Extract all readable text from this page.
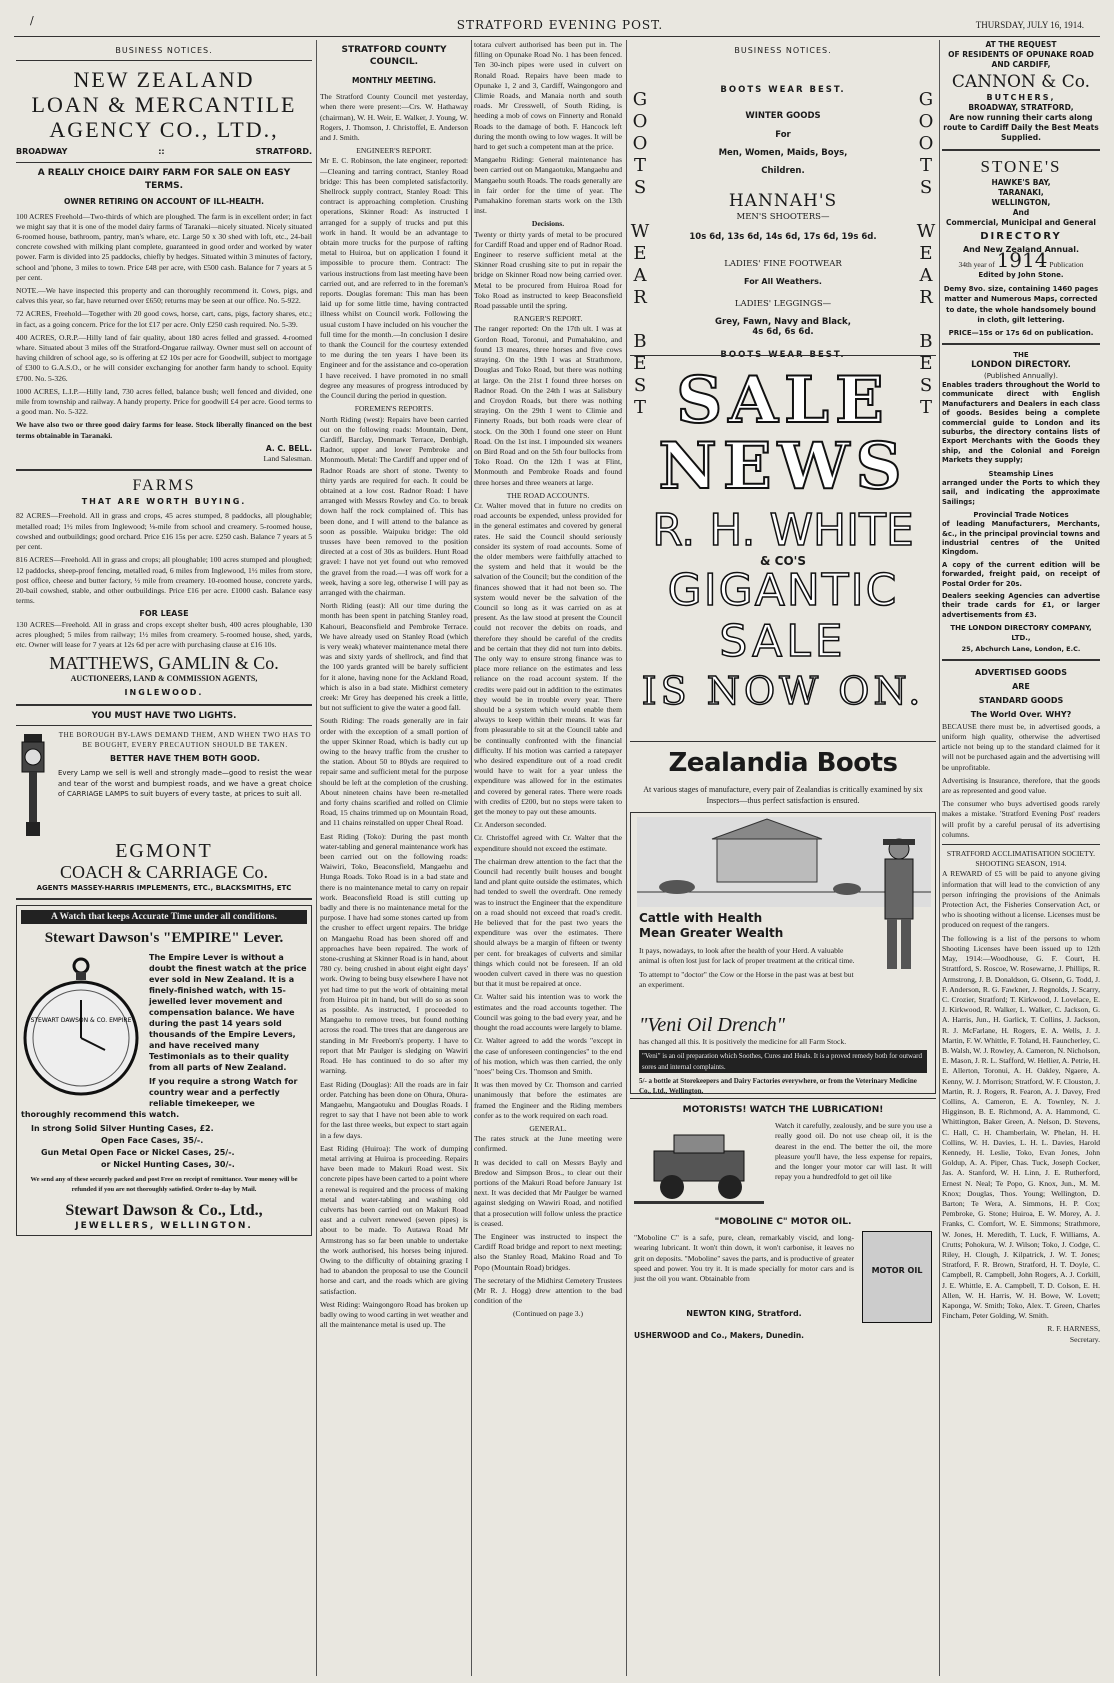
/	STRATFORD EVENING POST.	THURSDAY, JULY 16, 1914.
BUSINESS NOTICES.
NEW ZEALAND
LOAN & MERCANTILE
AGENCY CO., LTD.,
BROADWAY	::	STRATFORD.
A REALLY CHOICE DAIRY FARM FOR SALE ON EASY
TERMS.
OWNER RETIRING ON ACCOUNT OF ILL-HEALTH.

100 ACRES Freehold—Two-thirds of which are ploughed. The farm is in excellent order; in fact we might say that it is one of the model dairy farms of Taranaki—nicely situated. Nicely situated 6-roomed house, bathroom, pantry, man's whare, etc. Large 50 x 30 shed with loft, etc., 24-bail concrete cowshed with milking plant complete, guaranteed in good order and worked by water power. Farm is divided into 25 paddocks, chiefly by hedges. Situated within 3 minutes of factory, school and 'phone, 3 miles to town. Price £48 per acre, with £500 cash. Balance for 7 years at 5 per cent.

NOTE.—We have inspected this property and can thoroughly recommend it. Cows, pigs, and calves this year, so far, have returned over £650; returns may be seen at our office. No. 5-922.

72 ACRES, Freehold—Together with 20 good cows, horse, cart, cans, pigs, factory shares, etc.; in fact, as a going concern. Price for the lot £17 per acre. Only £250 cash required. No. 5-39.

400 ACRES, O.R.P.—Hilly land of fair quality, about 180 acres felled and grassed. 4-roomed whare. Situated about 3 miles off the Stratford-Ongarue railway. Owner must sell on account of having children of school age, so is offering at £2 10s per acre for Goodwill, subject to mortgage of £300 to G.A.S.O., or he will consider exchanging for another farm handy to school. Equity £700. No. 5-326.

1000 ACRES, L.I.P.—Hilly land, 730 acres felled, balance bush; well fenced and divided, one mile from township and railway. A handy property. Price for goodwill £4 per acre. Good terms to a good man. No. 5-322.

We have also two or three good dairy farms for lease. Stock liberally financed on the best terms obtainable in Taranaki.

A. C. BELL.
Land Salesman.
FARMS
THAT ARE WORTH BUYING.

82 ACRES—Freehold. All in grass and crops, 45 acres stumped, 8 paddocks, all ploughable; metalled road; 1½ miles from Inglewood; ⅛-mile from school and creamery. 5-roomed house, cowshed and outbuildings; good orchard. Price £16 15s per acre. £250 cash. Balance 7 years at 5 per cent.

816 ACRES—Freehold. All in grass and crops; all ploughable; 100 acres stumped and ploughed; 12 paddocks, sheep-proof fencing, metalled road, 6 miles from Inglewood, 1½ miles from store, post office, cheese and butter factory, ½ mile from creamery. 10-roomed house, concrete yards, 20-bail cowshed, stable, and other outbuildings. Price £16 per acre. £1000 cash. Balance easy terms.

FOR LEASE

130 ACRES—Freehold. All in grass and crops except shelter bush, 400 acres ploughable, 130 acres ploughed; 5 miles from railway; 1½ miles from creamery. 5-roomed house, shed, yards, etc. Owner will lease for 7 years at 12s 6d per acre with purchasing clause at £16 10s.

MATTHEWS, GAMLIN & Co.
AUCTIONEERS, LAND & COMMISSION AGENTS,
INGLEWOOD.
YOU MUST HAVE TWO LIGHTS.
THE BOROUGH BY-LAWS DEMAND THEM, AND WHEN TWO HAS TO BE BOUGHT, EVERY PRECAUTION SHOULD BE TAKEN.
BETTER HAVE THEM BOTH GOOD.

Every Lamp we sell is well and strongly made—good to resist the wear and tear of the worst and bumpiest roads, and we have a great choice of CARRIAGE LAMPS to suit buyers of every taste, at prices to suit all.

EGMONT
COACH & CARRIAGE Co.
AGENTS MASSEY-HARRIS IMPLEMENTS, ETC., BLACKSMITHS, ETC
A Watch that keeps Accurate Time under all conditions.
Stewart Dawson's "EMPIRE" Lever.
STEWART DAWSON & CO. EMPIRE

The Empire Lever is without a doubt the finest watch at the price ever sold in New Zealand. It is a finely-finished watch, with 15-jewelled lever movement and compensation balance. We have during the past 14 years sold thousands of the Empire Levers, and have received many Testimonials as to their quality from all parts of New Zealand.

If you require a strong Watch for country wear and a perfectly reliable timekeeper, we thoroughly recommend this watch.

In strong Solid Silver Hunting Cases, £2.
Open Face Cases, 35/-.
Gun Metal Open Face or Nickel Cases, 25/-.
or Nickel Hunting Cases, 30/-.
We send any of these securely packed and post Free on receipt of remittance. Your money will be refunded if you are not thoroughly satisfied. Order to-day by Mail.
Stewart Dawson & Co., Ltd.,
JEWELLERS, WELLINGTON.
STRATFORD COUNTY
COUNCIL.
MONTHLY MEETING.

The Stratford County Council met yesterday, when there were present:—Crs. W. Hathaway (chairman), W. H. Weir, E. Walker, J. Young, W. Rogers, J. Thomson, J. Christoffel, E. Anderson and J. Smith.

ENGINEER'S REPORT.

Mr E. C. Robinson, the late engineer, reported:—Cleaning and tarring contract, Stanley Road bridge: This has been completed satisfactorily. Shellrock supply contract, Stanley Road: This contract is approaching completion. Crushing operations, Skinner Road: As instructed I arranged for a supply of trucks and put this work in hand. It would be an advantage to obtain more trucks for the purpose of rafting metal to Huiroa, but on application I found it impossible to procure them. Contract: The various instructions from last meeting have been carried out, and are referred to in the foreman's reports. Douglas foreman: This man has been laid up for some little time, having contracted illness whilst on Council work. Following the usual custom I have included on his voucher the full time for the month.—In conclusion I desire to thank the Council for the courtesy extended to me during the ten years I have been its Engineer and for the assistance and co-operation I have received. I have promoted in no small degree any measures of progress introduced by the Council during the period in question.

FOREMEN'S REPORTS.

North Riding (west): Repairs have been carried out on the following roads: Mountain, Dent, Cardiff, Barclay, Denmark Terrace, Denbigh, Radnor, upper and lower Pembroke and Monmouth. Metal: The Cardiff and upper end of Radnor Roads are short of stone. Twenty to thirty yards are required for each. It could be obtained at a low cost. Radnor Road: I have arranged with Messrs Rowley and Co. to break down half the rock complained of. This has been done, and I will attend to the balance as soon as possible. Waipuku bridge: The old trusses have been removed to the position directed at a cost of 30s as builders. Hunt Road gravel: I have not yet found out who removed the gravel from the road.—I was off work for a week, having a sore leg, otherwise I will pay as arranged with the chairman.

North Riding (east): All our time during the month has been spent in patching Stanley road, Kahouri, Beaconsfield and Pembroke Terrace. We have already used on Stanley Road (which is very weak) whatever maintenance metal there was and sixty yards of shellrock, and find that the 100 yards granted will be barely sufficient for it alone, having none for the Ackland Road, which is also in a bad state. Midhirst cemetery creek: Mr Grey has deepened his creek a little, but not sufficient to give the water a good fall.

South Riding: The roads generally are in fair order with the exception of a small portion of the upper Skinner Road, which is badly cut up owing to the heavy traffic from the crusher to the station. About 50 to 80yds are required to repair same and sufficient metal for the purpose should be left at the completion of the crushing. About nineteen chains have been re-metalled and forty chains scarified and rolled on Climie Road, 15 chains trimmed up on Mountain Road, and 11 chains reinstalled on upper Cheal Road.

East Riding (Toko): During the past month water-tabling and general maintenance work has been carried out on the following roads: Waiwiri, Toko, Beaconsfield, Mangaehu and Hunga Roads. Toko Road is in a bad state and there is no maintenance metal to carry on repair work. Beaconsfield Road is still cutting up badly and there is no maintenance metal for the purpose. I have had some stones carted up from the crusher to effect urgent repairs. The bridge on Mangaehu Road has been shored off and approaches have been repaired. The work of stone-crushing at Skinner Road is in hand, about 780 cy. being crushed in about eight eight days' work. Owing to being busy elsewhere I have not yet had time to put the work of obtaining metal from Huiroa pit in hand, but will do so as soon as possible. As instructed, I proceeded to Mangaehu to remove trees, but found nothing across the road. The trees that are dangerous are standing in Mr Freeborn's property. I have to report that Mr Paulger is sledging on Wawiri Road. He has continued to do so after my warning.

East Riding (Douglas): All the roads are in fair order. Patching has been done on Ohura, Ohura-Mangaehu, Mangaotuku and Douglas Roads. I regret to say that I have not been able to work for the last three weeks, but expect to start again in a few days.

East Riding (Huiroa): The work of dumping metal arriving at Huiroa is proceeding. Repairs have been made to Makuri Road west. Six concrete pipes have been carted to a point where a renewal is required and the process of making metal and water-tabling and washing old culverts has been carried out on Makuri Road east and a culvert renewed (seven pipes) is about to be made. To Autawa Road Mr Armstrong has so far been unable to undertake the work authorised, his horses being injured. Owing to the difficulty of obtaining grazing I had to abandon the proposal to use the Council horse and cart, and the roads which are giving satisfaction.

West Riding: Waingongoro Road has broken up badly owing to wood carting in wet weather and all the maintenance metal is used up. The

totara culvert authorised has been put in. The filling on Opunake Road No. 1 has been fenced. Ten 30-inch pipes were used in culvert on Ronald Road. Repairs have been made to Opunake 1, 2 and 3, Cardiff, Waingongoro and Climie Roads, and Manaia north and south roads. Mr Cresswell, of South Riding, is heeding a mob of cows on Finnerty and Ronald Roads to the damage of both. F. Hancock left during the month owing to low wages. It will be hard to get such a competent man at the price.

Mangaehu Riding: General maintenance has been carried out on Mangaotuku, Mangaehu and Mangaehu south Roads. The roads generally are in fair order for the time of year. The Pumahakino foreman starts work on the 13th inst.

Decisions.

Twenty or thirty yards of metal to be procured for Cardiff Road and upper end of Radnor Road. Engineer to reserve sufficient metal at the Skinner Road crushing site to put in repair the bridge on Skinner Road now being carried over. Metal to be procured from Huiroa Road for Toko Road as instructed to keep Beaconsfield Road passable until the spring.

RANGER'S REPORT.

The ranger reported: On the 17th ult. I was at Gordon Road, Toronui, and Pumahakino, and found 13 meares, three horses and five cows straying. On the 19th I was at Strathmore, Douglas and Toko Road, but there was nothing at large. On the 21st I found three horses on Radnor Road. On the 24th I was at Salisbury and Croydon Roads, but there was nothing straying. On the 29th I went to Climie and Finnerty Roads, but both roads were clear of stock. On the 30th I found one steer on Hunt Road. On the 1st inst. I impounded six weaners on Bird Road and on the 5th four bullocks from Toko Road. On the 12th I was at Flint, Monmouth and Pembroke Roads and found three horses and three weaners at large.

THE ROAD ACCOUNTS.

Cr. Walter moved that in future no credits on road accounts be expended, unless provided for in the general estimates and covered by general rates. He said the Council should seriously consider its system of road accounts. Some of the older members were faithfully attached to the system and held that it would be the salvation of the Council; but the condition of the finances showed that it had not been so. The system would never be the salvation of the Council so long as it was carried on as at present. As the law stood at present the Council could not recover the debits on roads, and therefore they should be careful of the credits and be certain that they did not turn into debits. The only way to ensure strong finance was to place more reliance on the estimates and less reliance on the road account system. If the credits were paid out in addition to the estimates they would be in trouble every year. There should be a system which would enable them always to keep within their means. It was far from pleasurable to sit at the Council table and be continually confronted with the financial difficulty. If his motion was carried a ratepayer who desired expenditure out of a road credit would have to wait for a year unless the expenditure was allowed for in the estimates and covered by general rates. There were roads with credits of £200, but no steps were taken to get the money to pay out these amounts.

Cr. Anderson seconded.

Cr. Christoffel agreed with Cr. Walter that the expenditure should not exceed the estimate.

The chairman drew attention to the fact that the Council had recently built houses and bought land and plant quite outside the estimates, which had tended to swell the overdraft. One remedy was to instruct the Engineer that the expenditure on a road should not exceed that road's credit. He believed that for the past two years the expenditure was over the estimates. There should always be a margin of fifteen or twenty per cent. for breakages of culverts and similar things which could not be foreseen. If an old wooden culvert caved in there was no question but that it must be repaired at once.

Cr. Walter said his intention was to work the estimates and the road accounts together. The Council was going to the bad every year, and he thought the road accounts were largely to blame.

Cr. Walter agreed to add the words "except in the case of unforeseen contingencies" to the end of his motion, which was then carried, the only "noes" being Crs. Thomson and Smith.

It was then moved by Cr. Thomson and carried unanimously that before the estimates are framed the Engineer and the Riding members confer as to the work required on each road.

GENERAL.

The rates struck at the June meeting were confirmed.

It was decided to call on Messrs Bayly and Bredow and Simpson Bros., to clear out their portions of the Makuri Road before January 1st next. It was decided that Mr Paulger be warned against sledging on Wawiri Road, and notified that a prosecution will follow unless the practice is ceased.

The Engineer was instructed to inspect the Cardiff Road bridge and report to next meeting; also the Stanley Road, Makino Road and To Popo (Mountain Road) bridges.

The secretary of the Midhirst Cemetery Trustees (Mr R. J. Hogg) drew attention to the bad condition of the

(Continued on page 3.)
BUSINESS NOTICES.
G
O
O
T
S

W
E
A
R

B
E
S
T

G
O
O
T
S

W
E
A
R

B
E
S
T

BOOTS WEAR BEST.
WINTER GOODS
For
Men, Women, Maids, Boys,
Children.
HANNAH'S
MEN'S SHOOTERS—
10s 6d, 13s 6d, 14s 6d, 17s 6d, 19s 6d.
LADIES' FINE FOOTWEAR
For All Weathers.
LADIES' LEGGINGS—
Grey, Fawn, Navy and Black,
4s 6d, 6s 6d.
BOOTS WEAR BEST.
SALE
NEWS
R. H. WHITE
& CO'S
GIGANTIC
SALE
IS NOW ON.
Zealandia Boots
At various stages of manufacture, every pair of Zealandias is critically examined by six Inspectors—thus perfect satisfaction is ensured.
Cattle with Health
Mean Greater Wealth

It pays, nowadays, to look after the health of your Herd. A valuable animal is often lost just for lack of proper treatment at the critical time.

To attempt to "doctor" the Cow or the Horse in the past was at best but an experiment.

"Veni Oil Drench"

has changed all this. It is positively the medicine for all Farm Stock.

"Veni" is an oil preparation which Soothes, Cures and Heals. It is a proved remedy both for outward sores and internal complaints.

5/- a bottle at Storekeepers and Dairy Factories everywhere, or from the Veterinary Medicine Co., Ltd., Wellington.

MOTORISTS! WATCH THE LUBRICATION!
Watch it carefully, zealously, and be sure you use a really good oil. Do not use cheap oil, it is the dearest in the end. The better the oil, the more pleasure you'll have, the less expense for repairs, and the longer your motor car will last. It will repay you a hundredfold to get oil like
"MOBOLINE C" MOTOR OIL.
"Moboline C" is a safe, pure, clean, remarkably viscid, and long-wearing lubricant. It won't thin down, it won't carbonise, it leaves no grit on deposits. "Moboline" saves the parts, and is productive of greater speed and power. You try it. It is made specially for motor cars and is just the oil you want. Obtainable from
MOTOR OIL
NEWTON KING, Stratford.
USHERWOOD and Co., Makers, Dunedin.
AT THE REQUEST
OF RESIDENTS OF OPUNAKE ROAD AND CARDIFF,
CANNON & Co.
BUTCHERS,
BROADWAY, STRATFORD,
Are now running their carts along route to Cardiff Daily the Best Meats Supplied.
STONE'S
HAWKE'S BAY,
TARANAKI,
WELLINGTON,
And
Commercial, Municipal and General
DIRECTORY
And New Zealand Annual.
34th year of 1914 Publication
Edited by John Stone.

Demy 8vo. size, containing 1460 pages matter and Numerous Maps, corrected to date, the whole handsomely bound in cloth, gilt lettering.

PRICE—15s or 17s 6d on publication.
THE
LONDON DIRECTORY.
(Published Annually).

Enables traders throughout the World to communicate direct with English Manufacturers and Dealers in each class of goods. Besides being a complete commercial guide to London and its suburbs, the directory contains lists of Export Merchants with the Goods they ship, and the Colonial and Foreign Markets they supply;

Steamship Lines

arranged under the Ports to which they sail, and indicating the approximate Sailings;

Provincial Trade Notices

of leading Manufacturers, Merchants, &c., in the principal provincial towns and industrial centres of the United Kingdom.

A copy of the current edition will be forwarded, freight paid, on receipt of Postal Order for 20s.

Dealers seeking Agencies can advertise their trade cards for £1, or larger advertisements from £3.

THE LONDON DIRECTORY COMPANY, LTD.,
25, Abchurch Lane, London, E.C.
ADVERTISED GOODS
ARE
STANDARD GOODS
The World Over. WHY?

BECAUSE there must be, in advertised goods, a uniform high quality, otherwise the advertised article not being up to the standard claimed for it will not be purchased again and the advertising will be unprofitable.

Advertising is Insurance, therefore, that the goods are as represented and good value.

The consumer who buys advertised goods rarely makes a mistake. 'Stratford Evening Post' readers will profit by a careful perusal of its advertising columns.

STRATFORD ACCLIMATISATION SOCIETY.
SHOOTING SEASON, 1914.

A REWARD of £5 will be paid to anyone giving information that will lead to the conviction of any person infringing the provisions of the Animals Protection Act, the Fisheries Conservation Act, or who is shooting without a license. Licenses must be produced on request of the rangers.

The following is a list of the persons to whom Shooting Licenses have been issued up to 12th May, 1914:—Woodhouse, G. F. Court, H. Strattford, S. Roscoe, W. Rosewarne, J. Phillips, R. Armstrong, J. B. Donaldson, G. Olsenn, G. Todd, J. F. Anderson, R. G. Fawkner, J. Regnolds, J. Scarry, C. Crozier, Stratford; T. Kirkwood, J. Lovelace, E. J. Kirkwood, R. Walker, L. Walker, C. Jackson, G. A. Harris, Jun., H. Garlick, T. Collins, J. Jackson, R. J. McFarlane, H. Rogers, E. A. Wells, J. J. Martin, F. W. Whittle, F. Toland, H. Fauncherley, C. B. Walsh, W. J. Rowley, A. Cameron, N. Nicholson, E. Mason, J. R. L. Stafford, W. Hellier, A. Petrie, H. E. Allerton, Toronui, A. H. Oakley, Ngaere, A. Kenny, W. J. Morrison; Stratford, W. F. Clouston, J. Martin, R. J. Rogers, R. Fearon, A. J. Davey, Fred Collins, A. Cameron, E. A. Townley, N. J. Higginson, B. E. Richmond, A. A. Hammond, C. Whittington, Baker Green, A. Nelson, D. Stevens, C. Hall, C. H. Chamberlain, W. Phelan, H. H. Collins, W. H. Davies, L. H. L. Davies, Harold Kennedy, H. Leslie, Toko, Evan Jones, John Goldup, A. A. Piper, Chas. Tuck, Joseph Cocker, Jas. A. Stanford, W. H. Linn, J. E. Rutherford, Ernest N. Neal; Te Popo, G. Knox, Jun., M. M. Knox; Douglas, Thos. Young; Wellington, D. Barton; Te Wera, A. Simmons, H. P. Cox; Pembroke, G. Stone; Huiroa, E. W. Morey, A. J. Franks, C. Comfort, W. E. Simmons; Strathmore, W. Jones, H. Meredith, T. Luck, F. Williams, A. Crutts; Pohokura, W. J. Wilson; Toko, J. Codge, C. Riley, H. Clough, J. Kilpatrick, J. W. T. Jones; Stratford, F. R. Brown, Stratford, H. T. Doyle, C. Campbell, R. Campbell, John Rogers, A. J. Corkill, J. E. Whittle, E. A. Campbell, T. D. Colson, E. H. Allen, W. H. Harris, W. H. Bowe, W. Lovett; Kaponga, W. Smith; Toko, Alex. T. Green, Charles Fincham, Peter Golding, W. Smith.

R. F. HARNESS,
Secretary.
